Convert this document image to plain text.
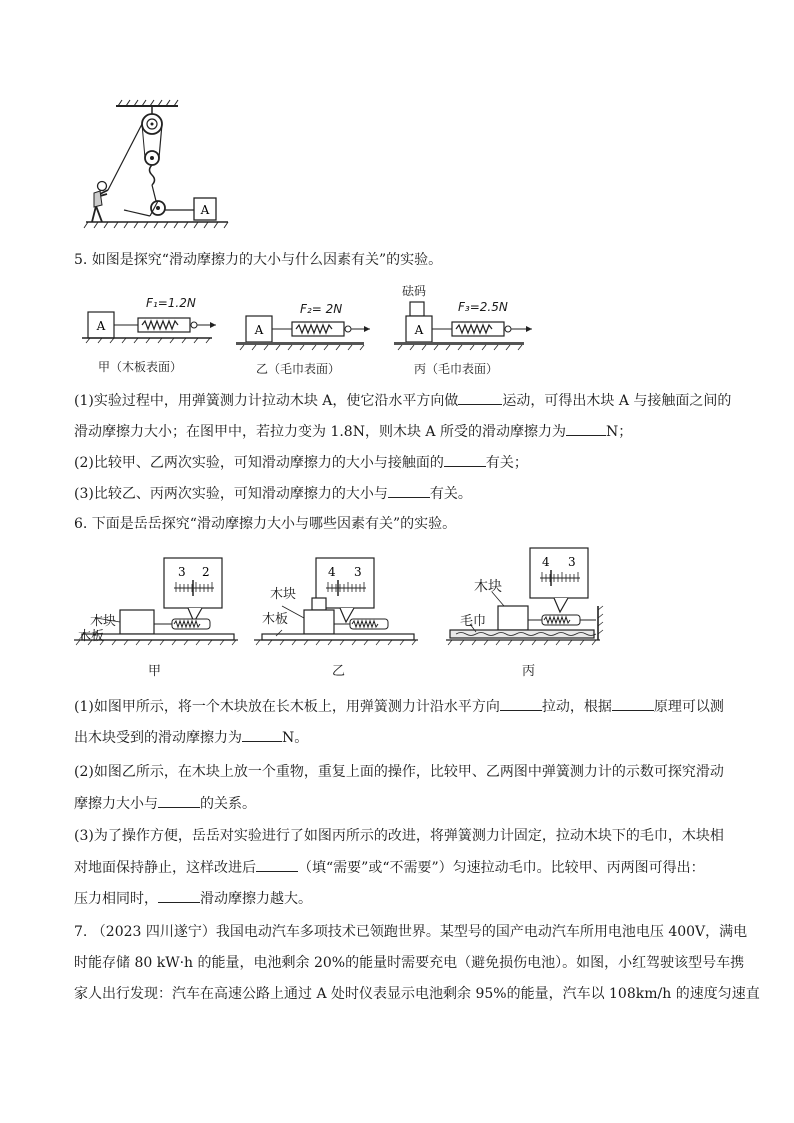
A
5. 如图是探究“滑动摩擦力的大小与什么因素有关”的实验。
A
F₁=1.2N
甲（木板表面）
A
F₂= 2N
乙（毛巾表面）
A
砝码
F₃=2.5N
丙（毛巾表面）
(1)实验过程中，用弹簧测力计拉动木块 A，使它沿水平方向做	运动，可得出木块 A 与接触面之间的
滑动摩擦力大小；在图甲中，若拉力变为 1.8N，则木块 A 所受的滑动摩擦力为	N；
(2)比较甲、乙两次实验，可知滑动摩擦力的大小与接触面的	有关；
(3)比较乙、丙两次实验，可知滑动摩擦力的大小与	有关。
6. 下面是岳岳探究“滑动摩擦力大小与哪些因素有关”的实验。
3 2
木块
木板
甲
4 3
木块
木板
乙
4 3
木块
毛巾
丙
(1)如图甲所示，将一个木块放在长木板上，用弹簧测力计沿水平方向	拉动，根据	原理可以测
出木块受到的滑动摩擦力为	N。
(2)如图乙所示，在木块上放一个重物，重复上面的操作，比较甲、乙两图中弹簧测力计的示数可探究滑动
摩擦力大小与	的关系。
(3)为了操作方便，岳岳对实验进行了如图丙所示的改进，将弹簧测力计固定，拉动木块下的毛巾，木块相
对地面保持静止，这样改进后	（填“需要”或“不需要”）匀速拉动毛巾。比较甲、丙两图可得出：
压力相同时，	滑动摩擦力越大。
7. （2023 四川遂宁）我国电动汽车多项技术已领跑世界。某型号的国产电动汽车所用电池电压 400V，满电
时能存储 80 kW·h 的能量，电池剩余 20%的能量时需要充电（避免损伤电池）。如图，小红驾驶该型号车携
家人出行发现：汽车在高速公路上通过 A 处时仪表显示电池剩余 95%的能量，汽车以 108km/h 的速度匀速直
